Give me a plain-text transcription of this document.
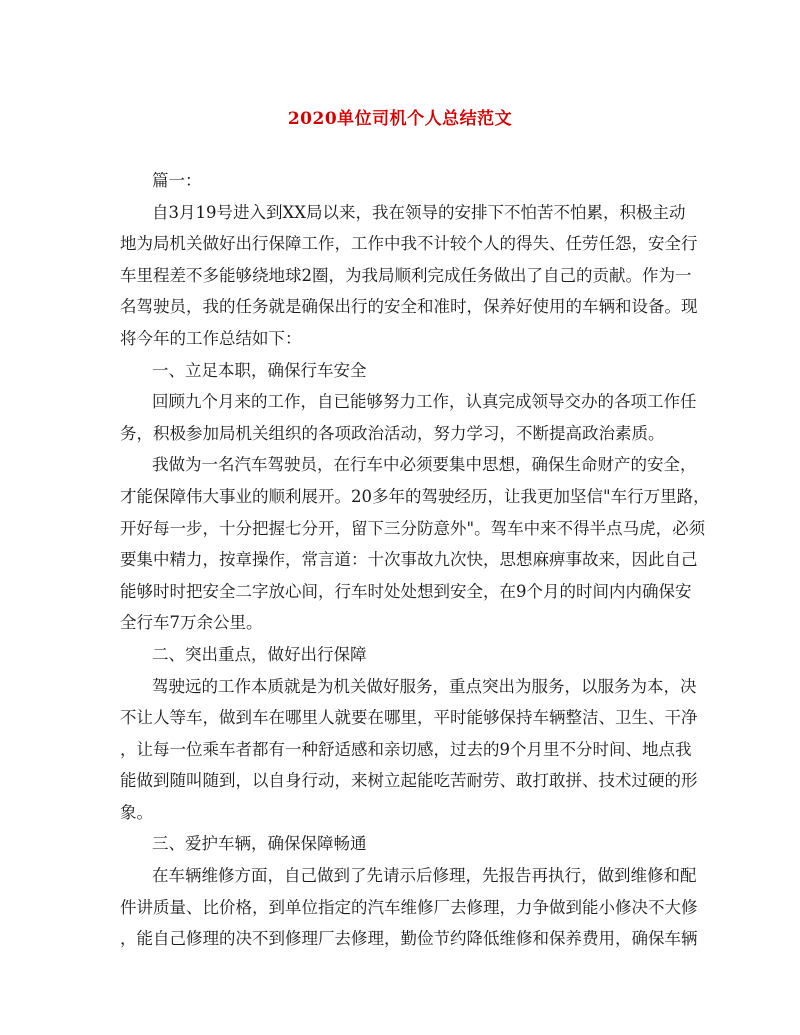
2020单位司机个人总结范文
篇一：
自3月19号进入到XX局以来，我在领导的安排下不怕苦不怕累，积极主动
地为局机关做好出行保障工作，工作中我不计较个人的得失、任劳任怨，安全行
车里程差不多能够绕地球2圈，为我局顺利完成任务做出了自己的贡献。作为一
名驾驶员，我的任务就是确保出行的安全和准时，保养好使用的车辆和设备。现
将今年的工作总结如下：
一、立足本职，确保行车安全
回顾九个月来的工作，自已能够努力工作，认真完成领导交办的各项工作任
务，积极参加局机关组织的各项政治活动，努力学习，不断提高政治素质。
我做为一名汽车驾驶员，在行车中必须要集中思想，确保生命财产的安全，
才能保障伟大事业的顺利展开。20多年的驾驶经历，让我更加坚信"车行万里路，
开好每一步，十分把握七分开，留下三分防意外"。驾车中来不得半点马虎，必须
要集中精力，按章操作，常言道：十次事故九次快，思想麻痹事故来，因此自己
能够时时把安全二字放心间，行车时处处想到安全，在9个月的时间内内确保安
全行车7万余公里。
二、突出重点，做好出行保障
驾驶远的工作本质就是为机关做好服务，重点突出为服务，以服务为本，决
不让人等车，做到车在哪里人就要在哪里，平时能够保持车辆整洁、卫生、干净
，让每一位乘车者都有一种舒适感和亲切感，过去的9个月里不分时间、地点我
能做到随叫随到，以自身行动，来树立起能吃苦耐劳、敢打敢拼、技术过硬的形
象。
三、爱护车辆，确保保障畅通
在车辆维修方面，自己做到了先请示后修理，先报告再执行，做到维修和配
件讲质量、比价格，到单位指定的汽车维修厂去修理，力争做到能小修决不大修
，能自己修理的决不到修理厂去修理，勤俭节约降低维修和保养费用，确保车辆
